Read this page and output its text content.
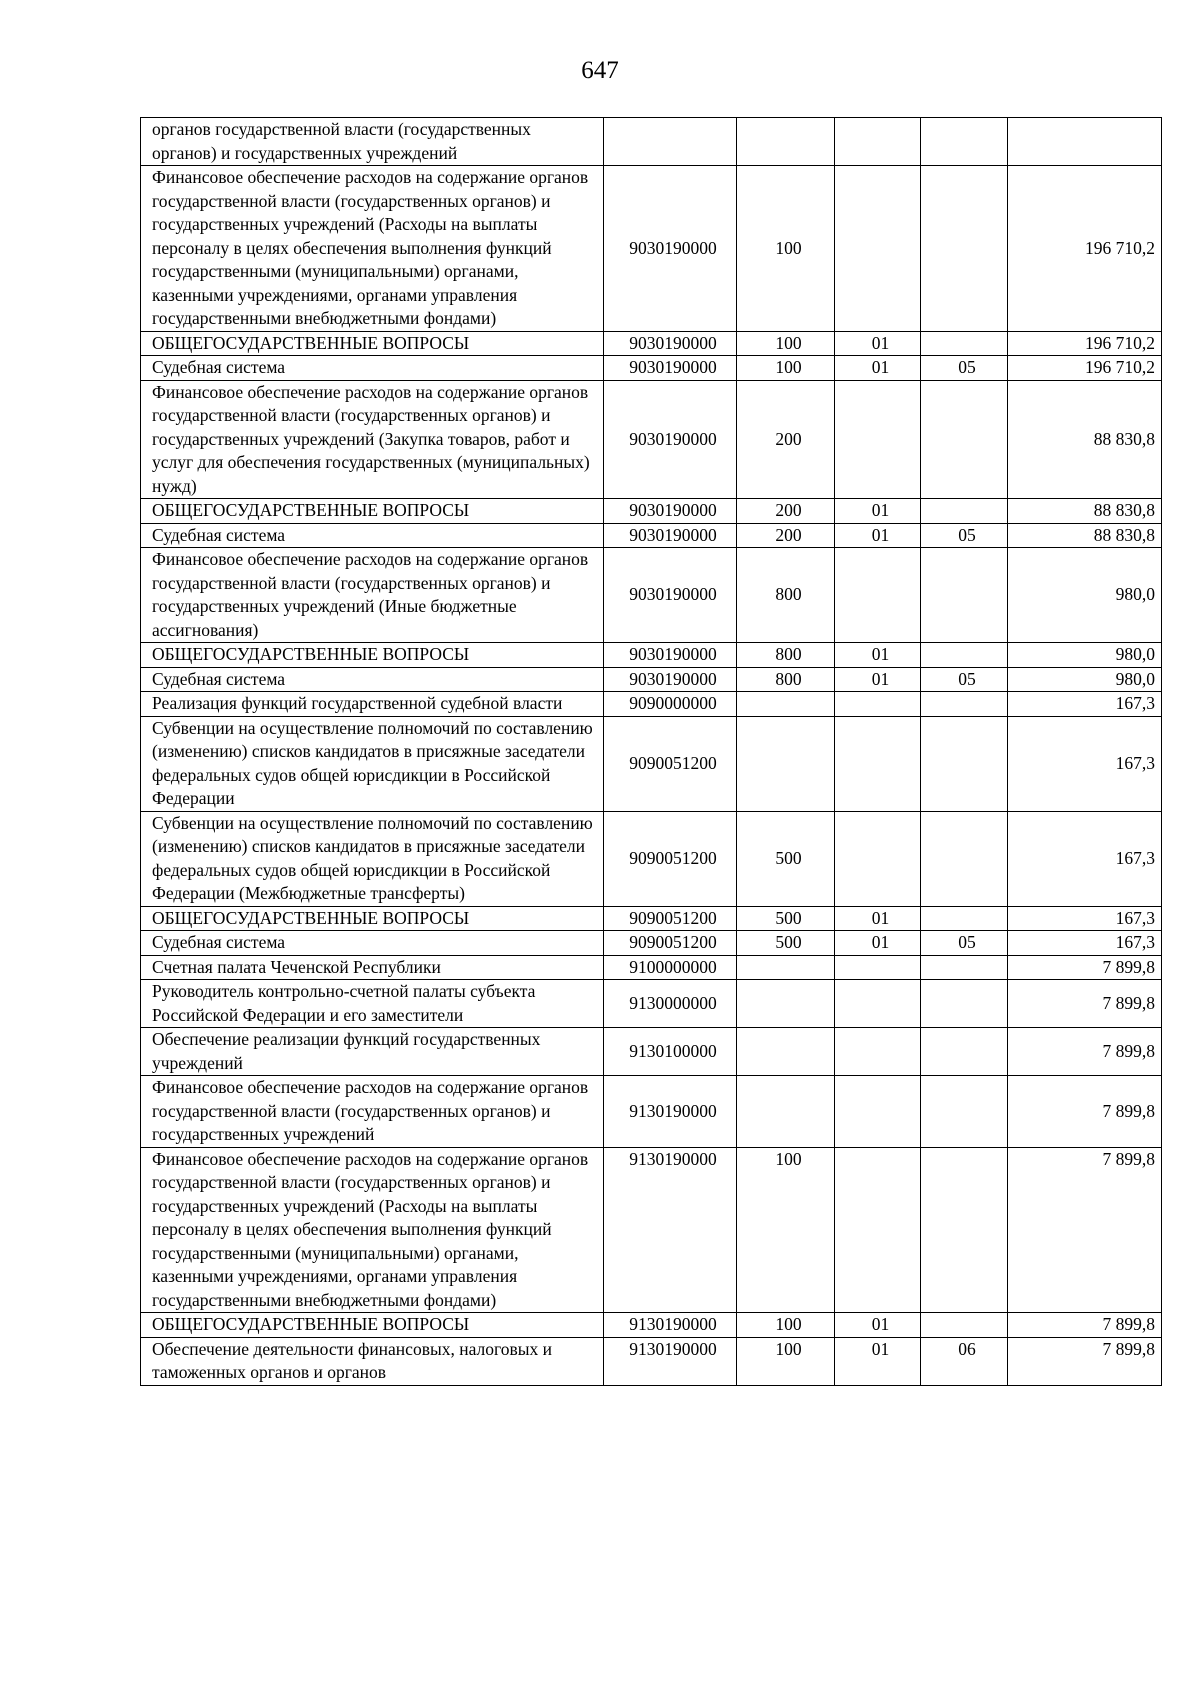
647
органов государственной власти (государственных органов) и государственных учреждений					
Финансовое обеспечение расходов на содержание органов государственной власти (государственных органов) и государственных учреждений (Расходы на выплаты персоналу в целях обеспечения выполнения функций государственными (муниципальными) органами, казенными учреждениями, органами управления государственными внебюджетными фондами)	9030190000	100			196 710,2
ОБЩЕГОСУДАРСТВЕННЫЕ ВОПРОСЫ	9030190000	100	01		196 710,2
Судебная система	9030190000	100	01	05	196 710,2
Финансовое обеспечение расходов на содержание органов государственной власти (государственных органов) и государственных учреждений (Закупка товаров, работ и услуг для обеспечения государственных (муниципальных) нужд)	9030190000	200			88 830,8
ОБЩЕГОСУДАРСТВЕННЫЕ ВОПРОСЫ	9030190000	200	01		88 830,8
Судебная система	9030190000	200	01	05	88 830,8
Финансовое обеспечение расходов на содержание органов государственной власти (государственных органов) и государственных учреждений (Иные бюджетные ассигнования)	9030190000	800			980,0
ОБЩЕГОСУДАРСТВЕННЫЕ ВОПРОСЫ	9030190000	800	01		980,0
Судебная система	9030190000	800	01	05	980,0
Реализация функций государственной судебной власти	9090000000				167,3
Субвенции на осуществление полномочий по составлению (изменению) списков кандидатов в присяжные заседатели федеральных судов общей юрисдикции в Российской Федерации	9090051200				167,3
Субвенции на осуществление полномочий по составлению (изменению) списков кандидатов в присяжные заседатели федеральных судов общей юрисдикции в Российской Федерации (Межбюджетные трансферты)	9090051200	500			167,3
ОБЩЕГОСУДАРСТВЕННЫЕ ВОПРОСЫ	9090051200	500	01		167,3
Судебная система	9090051200	500	01	05	167,3
Счетная палата Чеченской Республики	9100000000				7 899,8
Руководитель контрольно-счетной палаты субъекта Российской Федерации и его заместители	9130000000				7 899,8
Обеспечение реализации функций государственных учреждений	9130100000				7 899,8
Финансовое обеспечение расходов на содержание органов государственной власти (государственных органов) и государственных учреждений	9130190000				7 899,8
Финансовое обеспечение расходов на содержание органов государственной власти (государственных органов) и государственных учреждений (Расходы на выплаты персоналу в целях обеспечения выполнения функций государственными (муниципальными) органами, казенными учреждениями, органами управления государственными внебюджетными фондами)	9130190000	100			7 899,8
ОБЩЕГОСУДАРСТВЕННЫЕ ВОПРОСЫ	9130190000	100	01		7 899,8
Обеспечение деятельности финансовых, налоговых и таможенных органов и органов	9130190000	100	01	06	7 899,8
